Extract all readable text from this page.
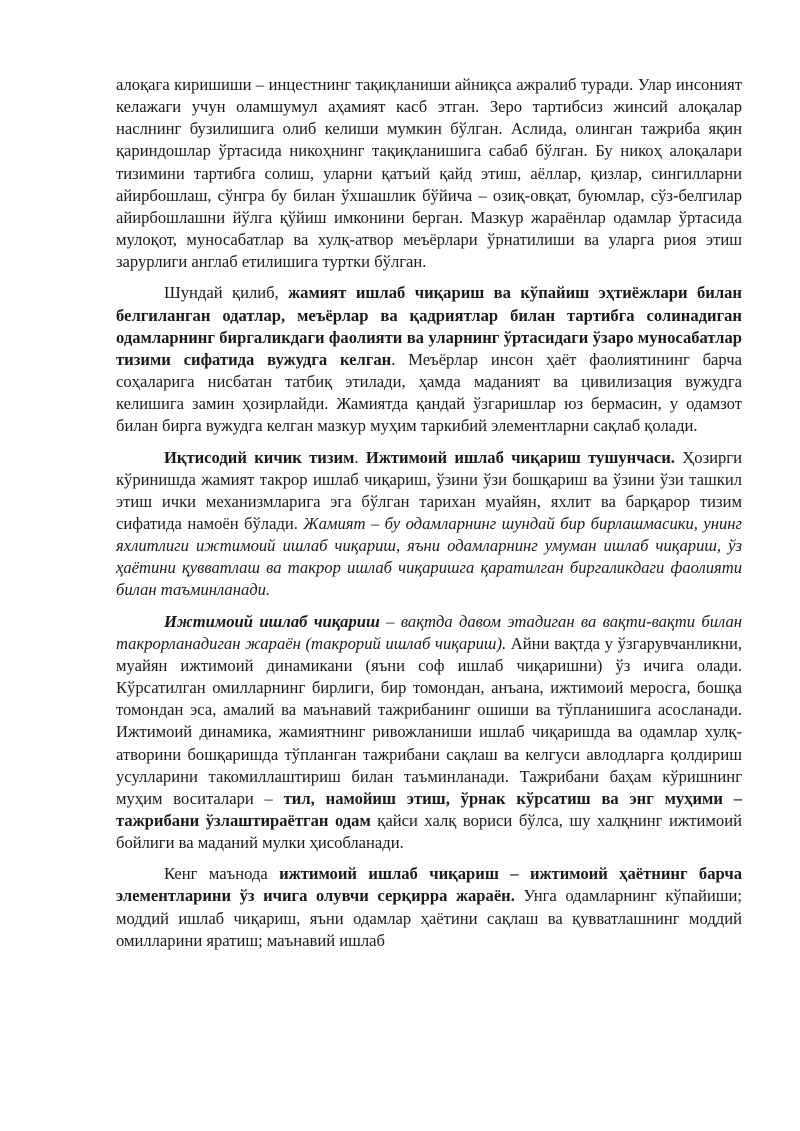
алоқага киришиши – инцестнинг тақиқланиши айниқса ажралиб туради. Улар инсоният келажаги учун оламшумул аҳамият касб этган. Зеро тартибсиз жинсий алоқалар наслнинг бузилишига олиб келиши мумкин бўлган. Аслида, олинган тажриба яқин қариндошлар ўртасида никоҳнинг тақиқланишига сабаб бўлган. Бу никоҳ алоқалари тизимини тартибга солиш, уларни қатъий қайд этиш, аёллар, қизлар, сингилларни айирбошлаш, сўнгра бу билан ўхшашлик бўйича – озиқ-овқат, буюмлар, сўз-белгилар айирбошлашни йўлга қўйиш имконини берган. Мазкур жараёнлар одамлар ўртасида мулоқот, муносабатлар ва хулқ-атвор меъёрлари ўрнатилиши ва уларга риоя этиш зарурлиги англаб етилишига туртки бўлган.

Шундай қилиб, жамият ишлаб чиқариш ва кўпайиш эҳтиёжлари билан белгиланган одатлар, меъёрлар ва қадриятлар билан тартибга солинадиган одамларнинг биргаликдаги фаолияти ва уларнинг ўртасидаги ўзаро муносабатлар тизими сифатида вужудга келган. Меъёрлар инсон ҳаёт фаолиятининг барча соҳаларига нисбатан татбиқ этилади, ҳамда маданият ва цивилизация вужудга келишига замин ҳозирлайди. Жамиятда қандай ўзгаришлар юз бермасин, у одамзот билан бирга вужудга келган мазкур муҳим таркибий элементларни сақлаб қолади.

Иқтисодий кичик тизим. Ижтимоий ишлаб чиқариш тушунчаси. Ҳозирги кўринишда жамият такрор ишлаб чиқариш, ўзини ўзи бошқариш ва ўзини ўзи ташкил этиш ички механизмларига эга бўлган тарихан муайян, яхлит ва барқарор тизим сифатида намоён бўлади. Жамият – бу одамларнинг шундай бир бирлашмасики, унинг яхлитлиги ижтимоий ишлаб чиқариш, яъни одамларнинг умуман ишлаб чиқариш, ўз ҳаётини қувватлаш ва такрор ишлаб чиқаришга қаратилган биргаликдаги фаолияти билан таъминланади.

Ижтимоий ишлаб чиқариш – вақтда давом этадиган ва вақти-вақти билан такрорланадиган жараён (такрорий ишлаб чиқариш). Айни вақтда у ўзгарувчанликни, муайян ижтимоий динамикани (яъни соф ишлаб чиқаришни) ўз ичига олади. Кўрсатилган омилларнинг бирлиги, бир томондан, анъана, ижтимоий меросга, бошқа томондан эса, амалий ва маънавий тажрибанинг ошиши ва тўпланишига асосланади. Ижтимоий динамика, жамиятнинг ривожланиши ишлаб чиқаришда ва одамлар хулқ-атворини бошқаришда тўпланган тажрибани сақлаш ва келгуси авлодларга қолдириш усулларини такомиллаштириш билан таъминланади. Тажрибани баҳам кўришнинг муҳим воситалари – тил, намойиш этиш, ўрнак кўрсатиш ва энг муҳими – тажрибани ўзлаштираётган одам қайси халқ вориси бўлса, шу халқнинг ижтимоий бойлиги ва маданий мулки ҳисобланади.

Кенг маънода ижтимоий ишлаб чиқариш – ижтимоий ҳаётнинг барча элементларини ўз ичига олувчи серқирра жараён. Унга одамларнинг кўпайиши; моддий ишлаб чиқариш, яъни одамлар ҳаётини сақлаш ва қувватлашнинг моддий омилларини яратиш; маънавий ишлаб
